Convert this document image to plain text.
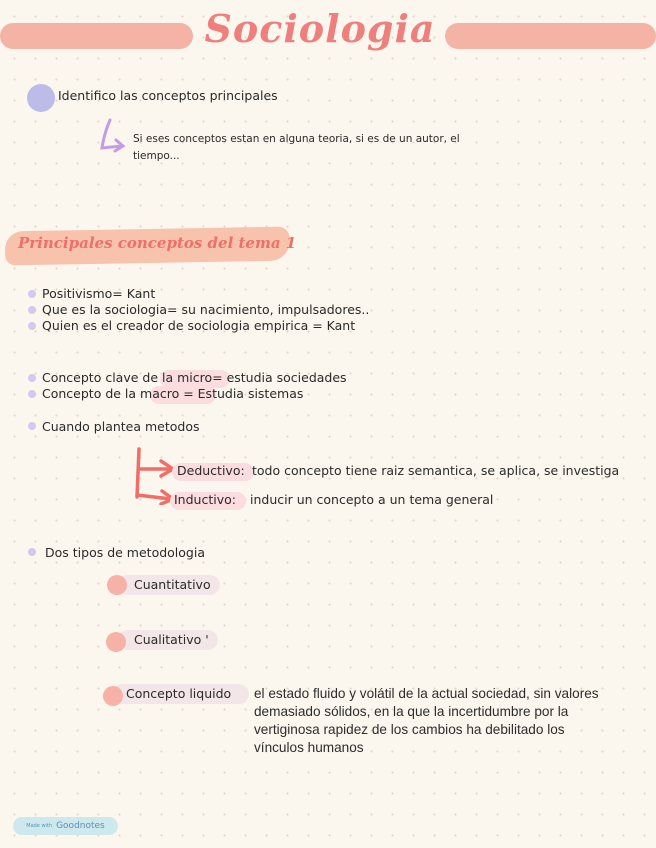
Sociologia
Identifico las conceptos principales
Si eses conceptos estan en alguna teoria, si es de un autor, el tiempo...
Principales conceptos del tema 1
Positivismo= Kant
Que es la sociologia= su nacimiento, impulsadores..
Quien es el creador de sociologia empirica = Kant
Concepto clave de la micro= estudia sociedades
Concepto de la macro = Estudia sistemas
Cuando plantea metodos
Deductivo: todo concepto tiene raiz semantica, se aplica, se investiga
Inductivo: inducir un concepto a un tema general
Dos tipos de metodologia
Cuantitativo
Cualitativo '
Concepto liquido el estado fluido y volátil de la actual sociedad, sin valores demasiado sólidos, en la que la incertidumbre por la vertiginosa rapidez de los cambios ha debilitado los vínculos humanos
Made with Goodnotes
